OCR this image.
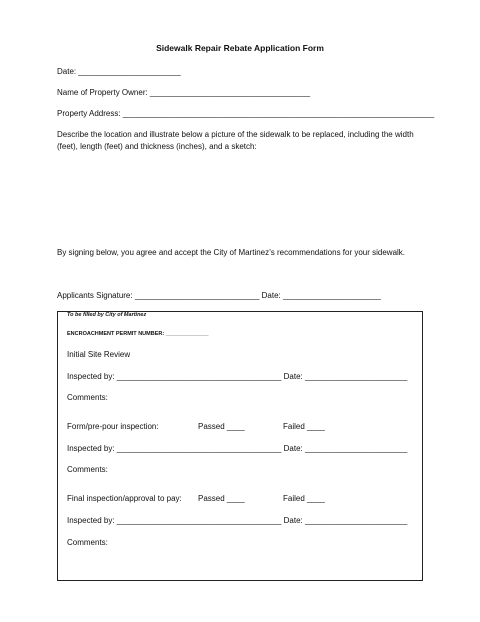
Sidewalk Repair Rebate Application Form
Date: _______________________
Name of Property Owner: ____________________________________
Property Address: ______________________________________________________________________
Describe the location and illustrate below a picture of the sidewalk to be replaced, including the width (feet), length (feet) and thickness (inches), and a sketch:
By signing below, you agree and accept the City of Martinez’s recommendations for your sidewalk.
Applicants Signature: ____________________________ Date: ______________________
To be filled by City of Martinez
ENCROACHMENT PERMIT NUMBER: ______________
Initial Site Review
Inspected by: _____________________________________ Date: _______________________
Comments:
Form/pre-pour inspection:	Passed ____	Failed ____
Inspected by: _____________________________________ Date: _______________________
Comments:
Final inspection/approval to pay: Passed ____	Failed ____
Inspected by: _____________________________________ Date: _______________________
Comments:
